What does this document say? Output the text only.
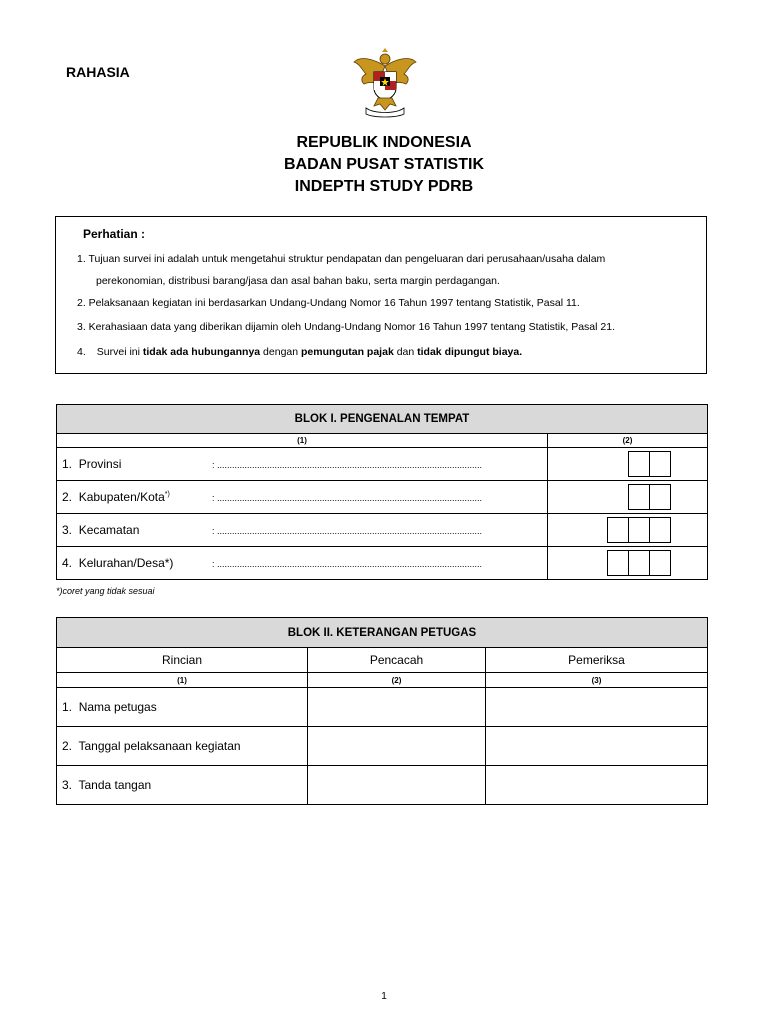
RAHASIA
REPUBLIK INDONESIA
BADAN PUSAT STATISTIK
INDEPTH STUDY PDRB
Perhatian :
1. Tujuan survei ini adalah untuk mengetahui struktur pendapatan dan pengeluaran dari perusahaan/usaha dalam
perekonomian, distribusi barang/jasa dan asal bahan baku, serta margin perdagangan.
2. Pelaksanaan kegiatan ini berdasarkan Undang-Undang Nomor 16 Tahun 1997 tentang Statistik, Pasal 11.
3. Kerahasiaan data yang diberikan dijamin oleh Undang-Undang Nomor 16 Tahun 1997 tentang Statistik, Pasal 21.
4. Survei ini tidak ada hubungannya dengan pemungutan pajak dan tidak dipungut biaya.
BLOK I. PENGENALAN TEMPAT	
(1)	(2)
1. Provinsi : ..........................................................................................................	

2. Kabupaten/Kota*) : ..........................................................................................................	

3. Kecamatan : ..........................................................................................................	

4. Kelurahan/Desa*) : ..........................................................................................................	
*)coret yang tidak sesuai
BLOK II. KETERANGAN PETUGAS		
Rincian	Pencacah	Pemeriksa
(1)	(2)	(3)
1. Nama petugas		
2. Tanggal pelaksanaan kegiatan		
3. Tanda tangan		
1
